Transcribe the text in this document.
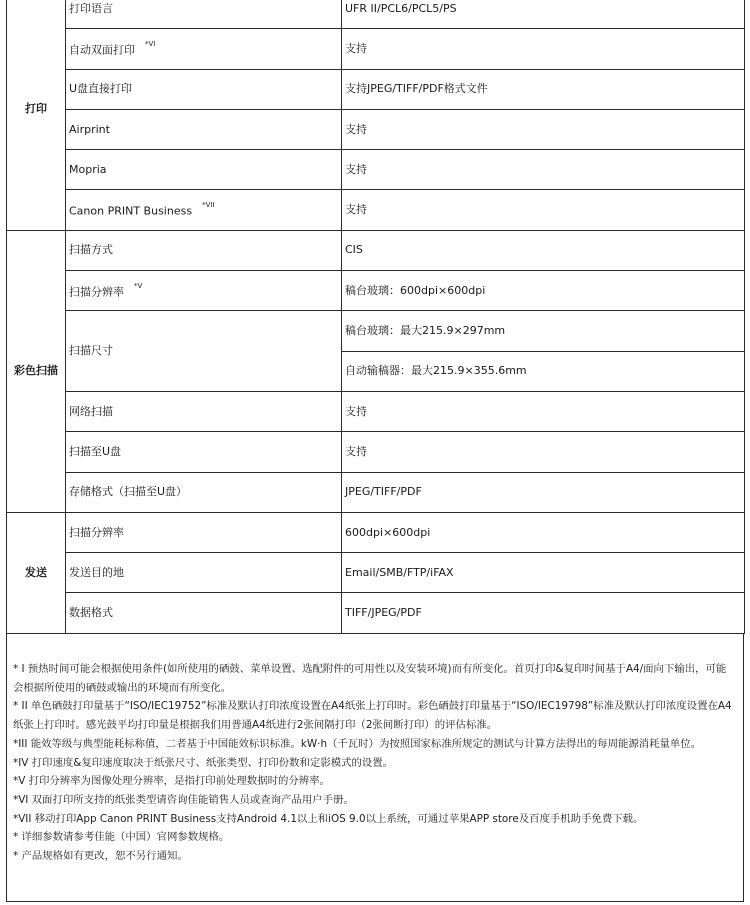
打印	打印语言	UFR II/PCL6/PCL5/PS
	自动双面打印 $^{*VI}$	支持
	U盘直接打印	支持JPEG/TIFF/PDF格式文件
	Airprint	支持
	Mopria	支持
	Canon PRINT Business $^{*VII}$	支持
彩色扫描	扫描方式	CIS
	扫描分辨率 $^{*V}$	稿台玻璃：600dpi×600dpi
	扫描尺寸	稿台玻璃：最大215.9×297mm
		自动输稿器：最大215.9×355.6mm
	网络扫描	支持
	扫描至U盘	支持
	存储格式（扫描至U盘）	JPEG/TIFF/PDF
发送	扫描分辨率	600dpi×600dpi
	发送目的地	Email/SMB/FTP/iFAX
	数据格式	TIFF/JPEG/PDF

* I 预热时间可能会根据使用条件(如所使用的硒鼓、菜单设置、选配附件的可用性以及安装环境)而有所变化。首页打印&复印时间基于A4/面向下输出，可能会根据所使用的硒鼓或输出的环境而有所变化。

* II 单色硒鼓打印量基于“ISO/IEC19752”标准及默认打印浓度设置在A4纸张上打印时。彩色硒鼓打印量基于“ISO/IEC19798”标准及默认打印浓度设置在A4纸张上打印时。感光鼓平均打印量是根据我们用普通A4纸进行2张间隔打印（2张间断打印）的评估标准。

*III 能效等级与典型能耗标称值，二者基于中国能效标识标准。kW·h（千瓦时）为按照国家标准所规定的测试与计算方法得出的每周能源消耗量单位。

*IV 打印速度&复印速度取决于纸张尺寸、纸张类型、打印份数和定影模式的设置。

*V 打印分辨率为图像处理分辨率，是指打印前处理数据时的分辨率。

*VI 双面打印所支持的纸张类型请咨询佳能销售人员或查询产品用户手册。

*VII 移动打印App Canon PRINT Business支持Android 4.1以上和iOS 9.0以上系统，可通过苹果APP store及百度手机助手免费下载。

* 详细参数请参考佳能（中国）官网参数规格。

* 产品规格如有更改，恕不另行通知。
